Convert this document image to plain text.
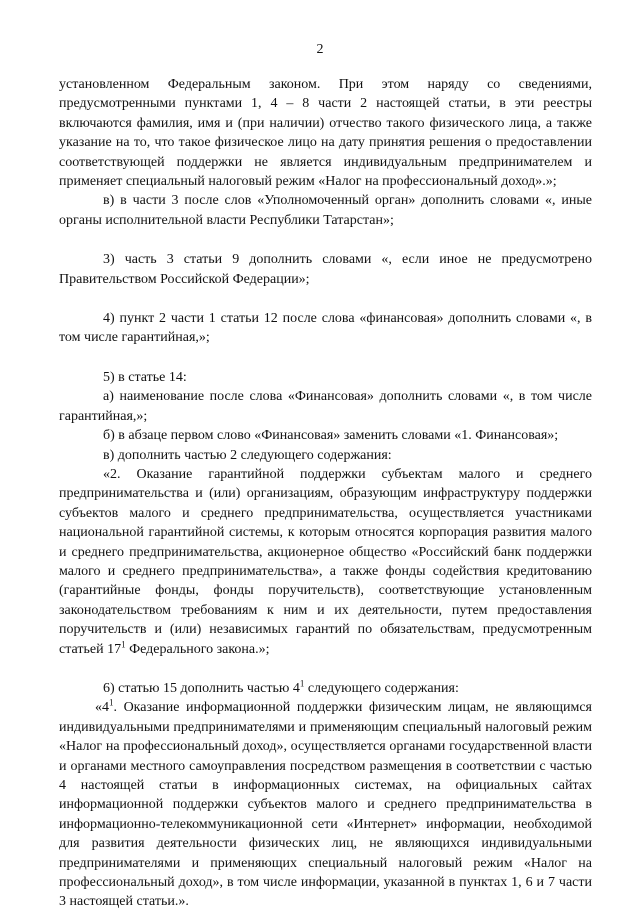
2

установленном Федеральным законом. При этом наряду со сведениями, предусмотренными пунктами 1, 4 – 8 части 2 настоящей статьи, в эти реестры включаются фамилия, имя и (при наличии) отчество такого физического лица, а также указание на то, что такое физическое лицо на дату принятия решения о предоставлении соответствующей поддержки не является индивидуальным предпринимателем и применяет специальный налоговый режим «Налог на профессиональный доход».»;

в) в части 3 после слов «Уполномоченный орган» дополнить словами «, иные органы исполнительной власти Республики Татарстан»;

3) часть 3 статьи 9 дополнить словами «, если иное не предусмотрено Правительством Российской Федерации»;

4) пункт 2 части 1 статьи 12 после слова «финансовая» дополнить словами «, в том числе гарантийная,»;

5) в статье 14:

а) наименование после слова «Финансовая» дополнить словами «, в том числе гарантийная,»;

б) в абзаце первом слово «Финансовая» заменить словами «1. Финансовая»;

в) дополнить частью 2 следующего содержания:

«2. Оказание гарантийной поддержки субъектам малого и среднего предпринимательства и (или) организациям, образующим инфраструктуру поддержки субъектов малого и среднего предпринимательства, осуществляется участниками национальной гарантийной системы, к которым относятся корпорация развития малого и среднего предпринимательства, акционерное общество «Российский банк поддержки малого и среднего предпринимательства», а также фонды содействия кредитованию (гарантийные фонды, фонды поручительств), соответствующие установленным законодательством требованиям к ним и их деятельности, путем предоставления поручительств и (или) независимых гарантий по обязательствам, предусмотренным статьей $17^1$ Федерального закона.»;

6) статью 15 дополнить частью $4^1$ следующего содержания:

«$4^1$. Оказание информационной поддержки физическим лицам, не являющимся индивидуальными предпринимателями и применяющим специальный налоговый режим «Налог на профессиональный доход», осуществляется органами государственной власти и органами местного самоуправления посредством размещения в соответствии с частью 4 настоящей статьи в информационных системах, на официальных сайтах информационной поддержки субъектов малого и среднего предпринимательства в информационно-телекоммуникационной сети «Интернет» информации, необходимой для развития деятельности физических лиц, не являющихся индивидуальными предпринимателями и применяющих специальный налоговый режим «Налог на профессиональный доход», в том числе информации, указанной в пунктах 1, 6 и 7 части 3 настоящей статьи.».
